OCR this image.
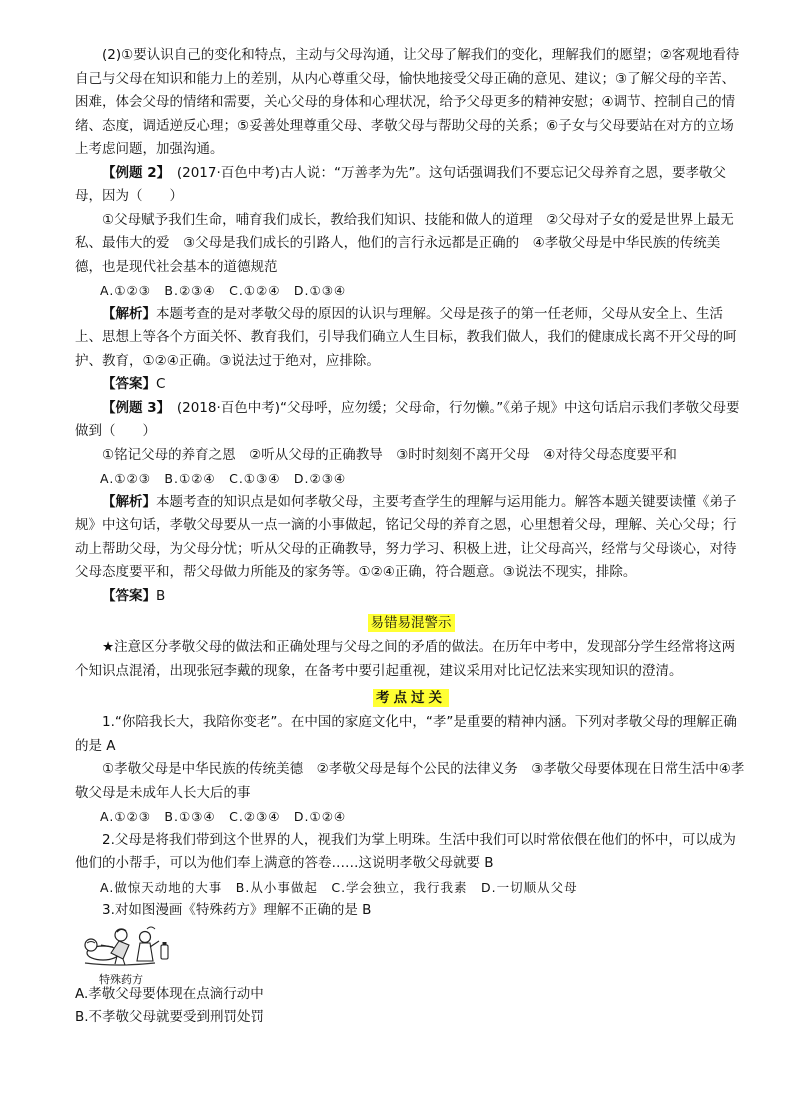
(2)①要认识自己的变化和特点，主动与父母沟通，让父母了解我们的变化，理解我们的愿望；②客观地看待自己与父母在知识和能力上的差别，从内心尊重父母，愉快地接受父母正确的意见、建议；③了解父母的辛苦、困难，体会父母的情绪和需要，关心父母的身体和心理状况，给予父母更多的精神安慰；④调节、控制自己的情绪、态度，调适逆反心理；⑤妥善处理尊重父母、孝敬父母与帮助父母的关系；⑥子女与父母要站在对方的立场上考虑问题，加强沟通。

【例题 2】　 (2017·百色中考)古人说：“万善孝为先”。这句话强调我们不要忘记父母养育之恩，要孝敬父母，因为（　　）

①父母赋予我们生命，哺育我们成长，教给我们知识、技能和做人的道理　②父母对子女的爱是世界上最无私、最伟大的爱　③父母是我们成长的引路人，他们的言行永远都是正确的　④孝敬父母是中华民族的传统美德，也是现代社会基本的道德规范

A.①②③　B.②③④　C.①②④　D.①③④

【解析】本题考查的是对孝敬父母的原因的认识与理解。父母是孩子的第一任老师，父母从安全上、生活上、思想上等各个方面关怀、教育我们，引导我们确立人生目标，教我们做人，我们的健康成长离不开父母的呵护、教育，①②④正确。③说法过于绝对，应排除。

【答案】C

【例题 3】　 (2018·百色中考)“父母呼，应勿缓；父母命，行勿懒。”《弟子规》中这句话启示我们孝敬父母要做到（　　）

①铭记父母的养育之恩　②听从父母的正确教导　③时时刻刻不离开父母　④对待父母态度要平和

A.①②③　B.①②④　C.①③④　D.②③④

【解析】本题考查的知识点是如何孝敬父母，主要考查学生的理解与运用能力。解答本题关键要读懂《弟子规》中这句话，孝敬父母要从一点一滴的小事做起，铭记父母的养育之恩，心里想着父母，理解、关心父母；行动上帮助父母，为父母分忧；听从父母的正确教导，努力学习、积极上进，让父母高兴，经常与父母谈心，对待父母态度要平和，帮父母做力所能及的家务等。①②④正确，符合题意。③说法不现实，排除。

【答案】B

易错易混警示

★注意区分孝敬父母的做法和正确处理与父母之间的矛盾的做法。在历年中考中，发现部分学生经常将这两个知识点混淆，出现张冠李戴的现象，在备考中要引起重视，建议采用对比记忆法来实现知识的澄清。

考点过关

1.“你陪我长大，我陪你变老”。在中国的家庭文化中，“孝”是重要的精神内涵。下列对孝敬父母的理解正确的是 A

①孝敬父母是中华民族的传统美德　②孝敬父母是每个公民的法律义务　③孝敬父母要体现在日常生活中④孝敬父母是未成年人长大后的事

A.①②③　B.①③④　C.②③④　D.①②④

2.父母是将我们带到这个世界的人，视我们为掌上明珠。生活中我们可以时常依偎在他们的怀中，可以成为他们的小帮手，可以为他们奉上满意的答卷……这说明孝敬父母就要 B

A.做惊天动地的大事　B.从小事做起　C.学会独立，我行我素　D.一切顺从父母

3.对如图漫画《特殊药方》理解不正确的是 B

特殊药方

A.孝敬父母要体现在点滴行动中

B.不孝敬父母就要受到刑罚处罚
